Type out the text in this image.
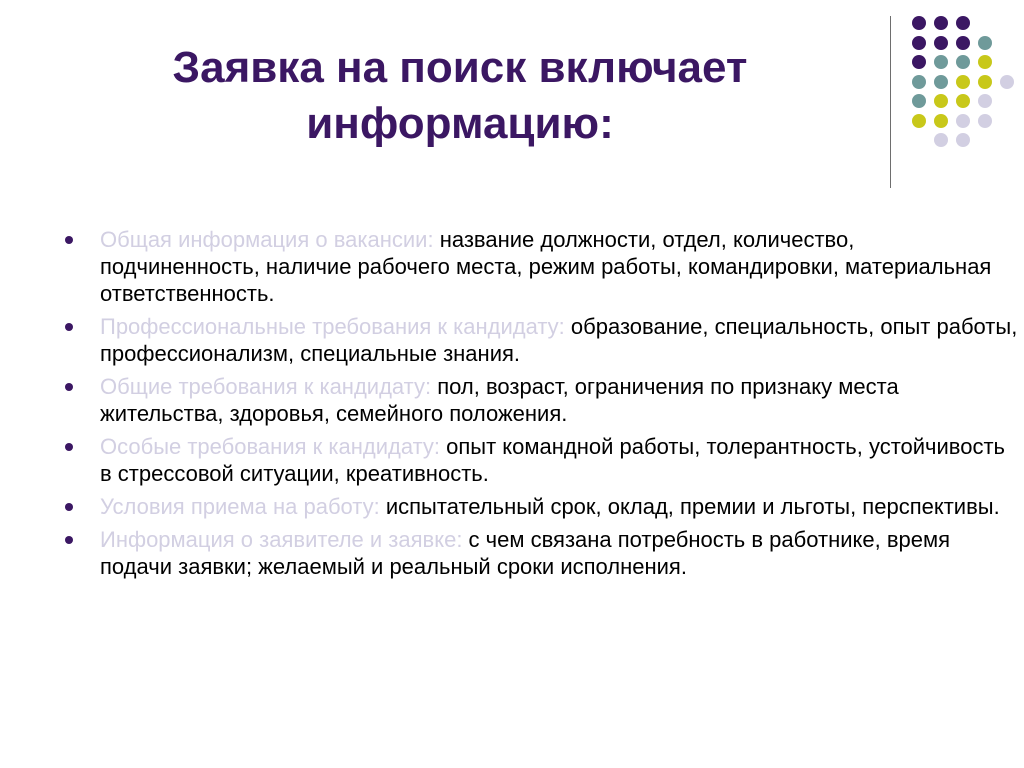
Заявка на поиск включает
информацию:
Общая информация о вакансии: название должности, отдел, количество, подчиненность, наличие рабочего места, режим работы, командировки, материальная ответственность.
Профессиональные требования к кандидату: образование, специальность, опыт работы, профессионализм, специальные знания.
Общие требования к кандидату: пол, возраст, ограничения по признаку места жительства, здоровья, семейного положения.
Особые требования к кандидату: опыт командной работы, толерантность, устойчивость в стрессовой ситуации, креативность.
Условия приема на работу: испытательный срок, оклад, премии и льготы, перспективы.
Информация о заявителе и заявке: с чем связана потребность в работнике, время подачи заявки; желаемый и реальный сроки исполнения.
